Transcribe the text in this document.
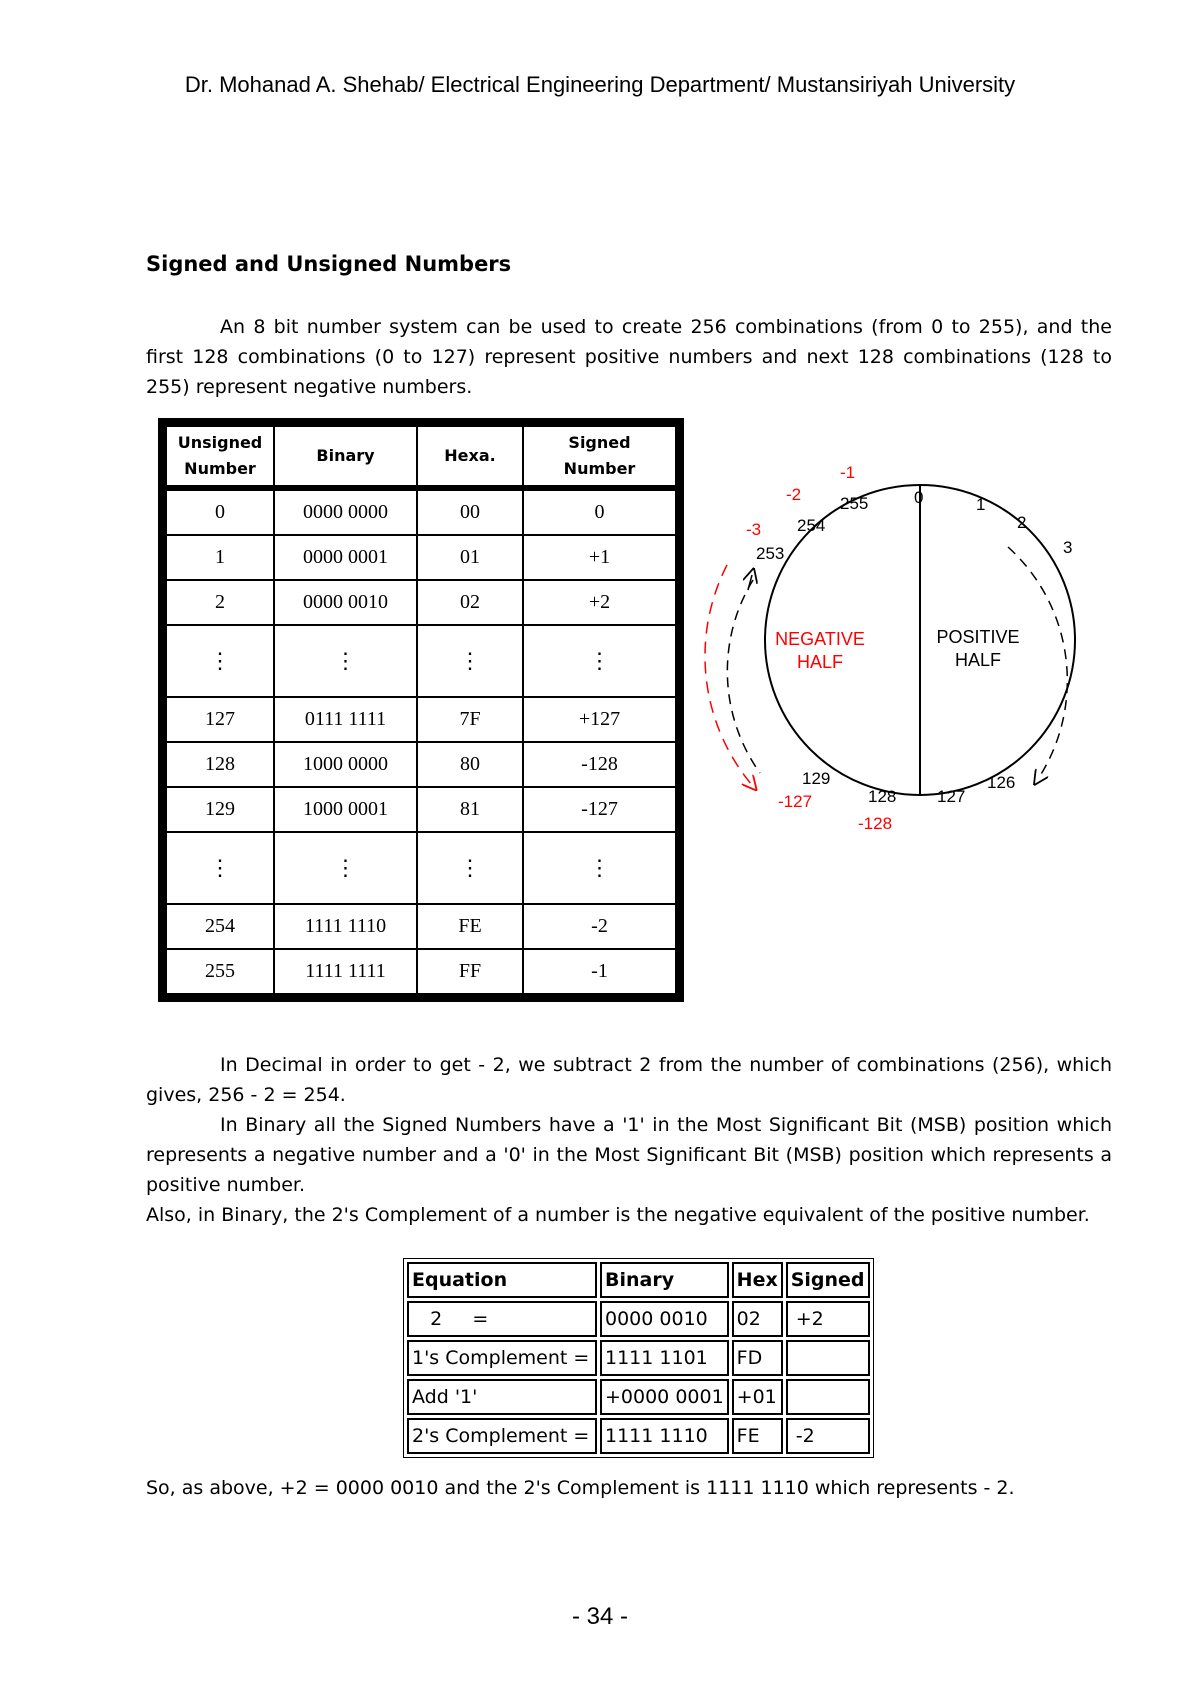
Dr. Mohanad A. Shehab/ Electrical Engineering Department/ Mustansiriyah University
Signed and Unsigned Numbers
An 8 bit number system can be used to create 256 combinations (from 0 to 255), and the first 128 combinations (0 to 127) represent positive numbers and next 128 combinations (128 to 255) represent negative numbers.
Unsigned
Number	Binary	Hexa.	Signed
Number
0	0000 0000	00	0
1	0000 0001	01	+1
2	0000 0010	02	+2
⋮	⋮	⋮	⋮
127	0111 1111	7F	+127
128	1000 0000	80	-128
129	1000 0001	81	-127
⋮	⋮	⋮	⋮
254	1111 1110	FE	-2
255	1111 1111	FF	-1
NEGATIVE
HALF
POSITIVE
HALF
0	1
2
3
255
254
253
129
128 127
126
-1
-2
-3
-127
-128
In Decimal in order to get - 2, we subtract 2 from the number of combinations (256), which gives, 256 - 2 = 254.
In Binary all the Signed Numbers have a '1' in the Most Significant Bit (MSB) position which represents a negative number and a '0' in the Most Significant Bit (MSB) position which represents a positive number.
Also, in Binary, the 2's Complement of a number is the negative equivalent of the positive number.
Equation	Binary	Hex	Signed
2     =	0000 0010	02	+2
1's Complement =	1111 1101	FD	
Add '1'	+0000 0001	+01	
2's Complement =	1111 1110	FE	-2
So, as above, +2 = 0000 0010 and the 2's Complement is 1111 1110 which represents - 2.
- 34 -
